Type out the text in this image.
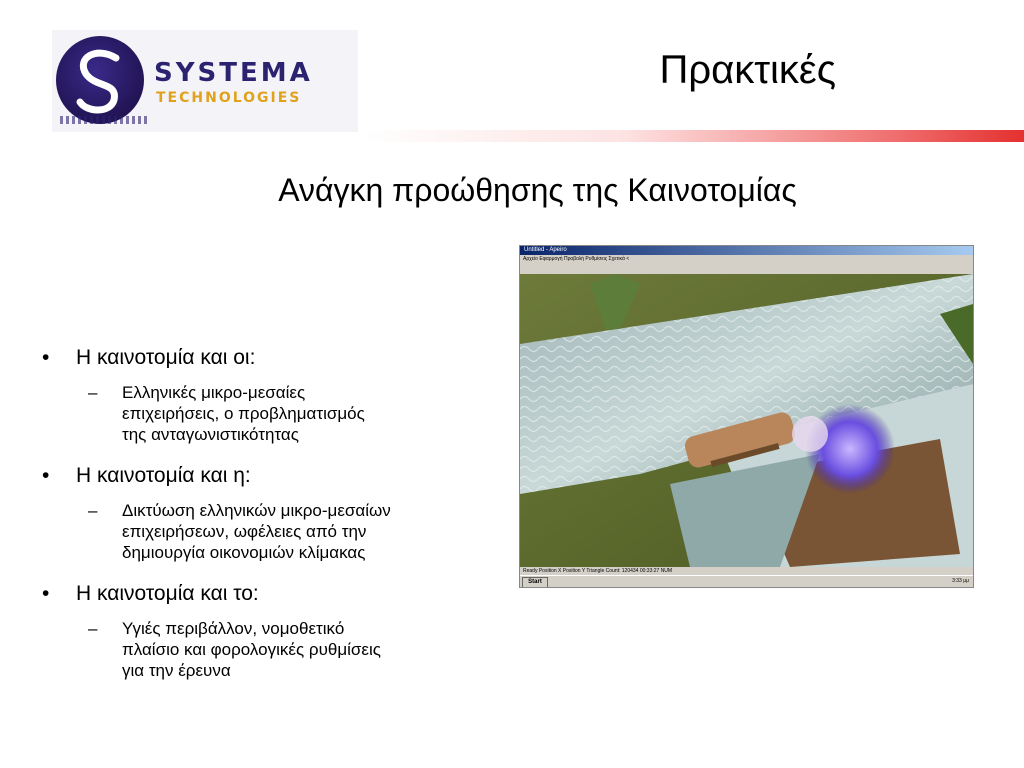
SYSTEMA
TECHNOLOGIES
Πρακτικές
Ανάγκη προώθησης της Καινοτομίας
• Η καινοτομία και οι:
– Ελληνικές μικρο-μεσαίες
επιχειρήσεις, ο προβληματισμός
της ανταγωνιστικότητας
• Η καινοτομία και η:
– Δικτύωση ελληνικών μικρο-μεσαίων
επιχειρήσεων, ωφέλειες από την
δημιουργία οικονομιών κλίμακας
• Η καινοτομία και το:
– Υγιές περιβάλλον, νομοθετικό
πλαίσιο και φορολογικές ρυθμίσεις
για την έρευνα
Untitled - Apeiro
Αρχείο Εφαρμογή Προβολή Ρυθμίσεις Σχετικά <
Ready Position X Position Y Triangle Count: 120434 00:33:27 NUM
Start	3:33 μμ
